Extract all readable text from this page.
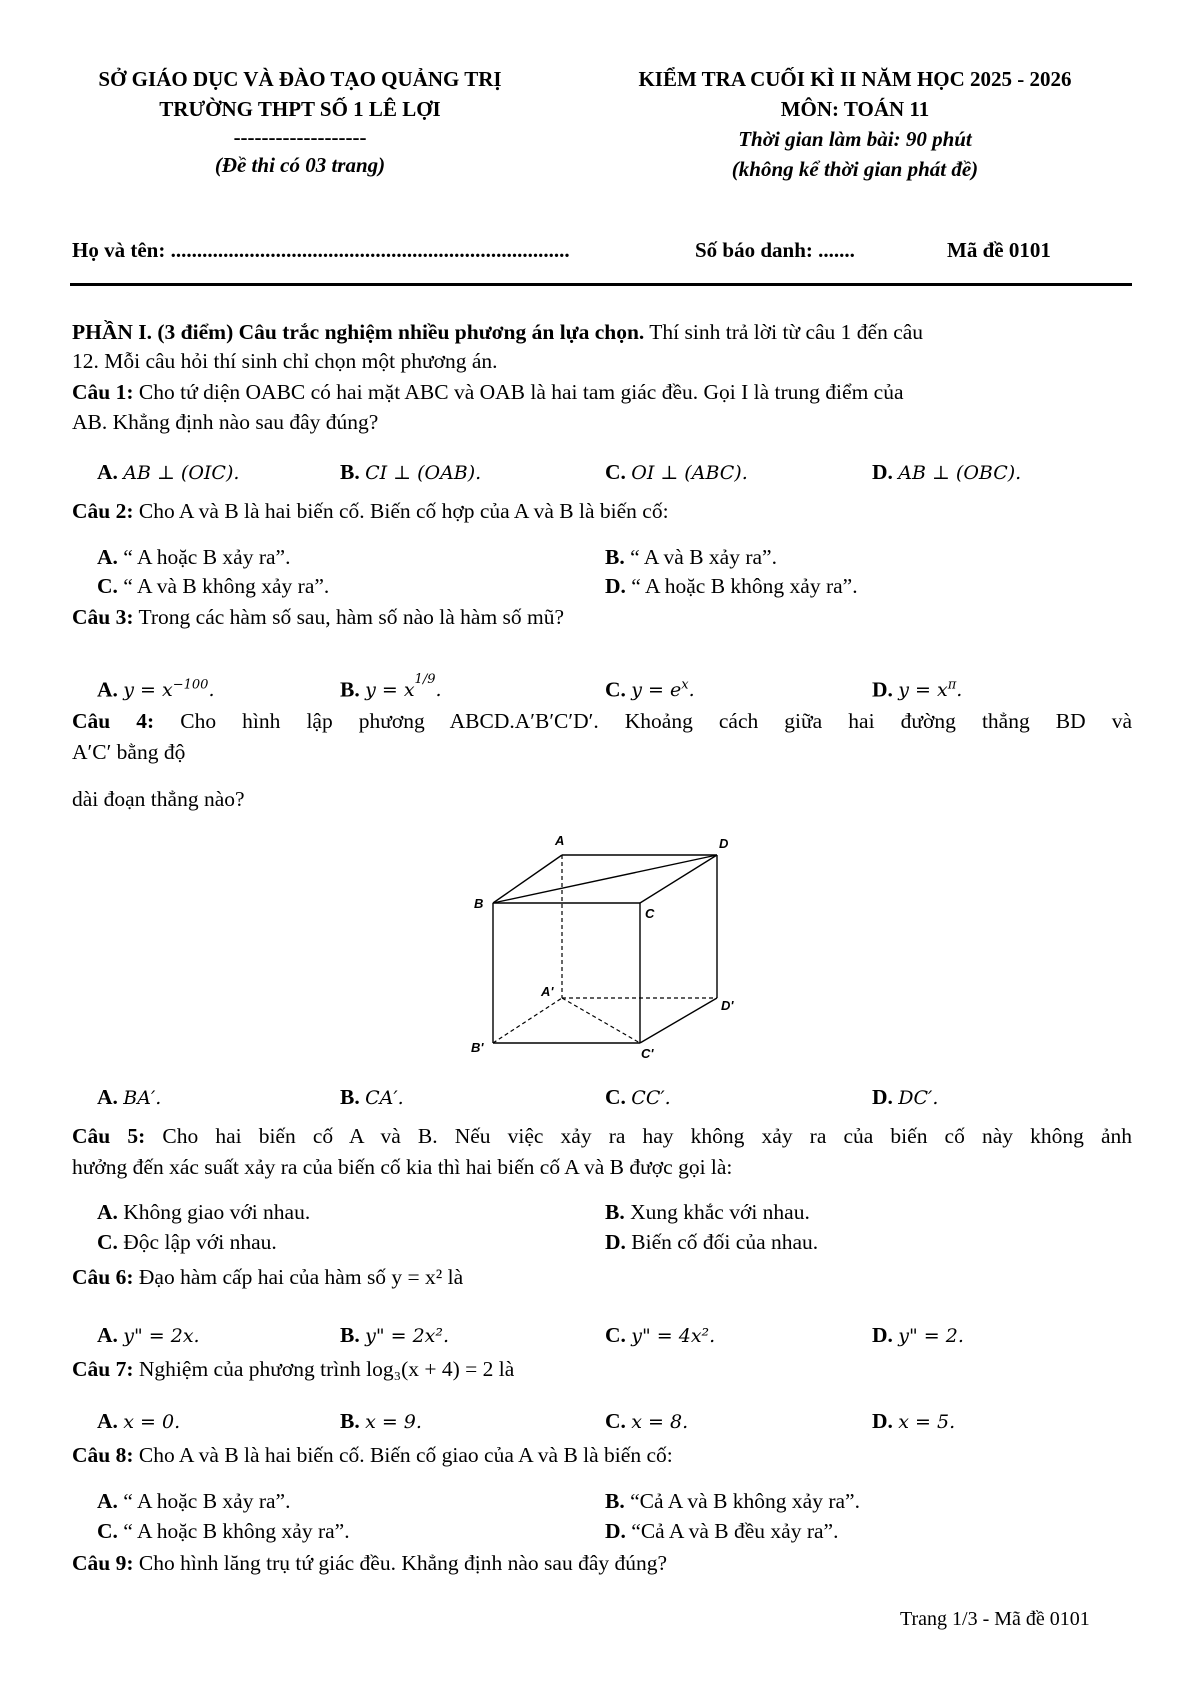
SỞ GIÁO DỤC VÀ ĐÀO TẠO QUẢNG TRỊ
TRƯỜNG THPT SỐ 1 LÊ LỢI
-------------------
(Đề thi có 03 trang)
KIỂM TRA CUỐI KÌ II NĂM HỌC 2025 - 2026
MÔN: TOÁN 11
Thời gian làm bài: 90 phút
(không kể thời gian phát đề)
Họ và tên: ............................................................................	Số báo danh: .......	Mã đề 0101
PHẦN I. (3 điểm) Câu trắc nghiệm nhiều phương án lựa chọn. Thí sinh trả lời từ câu 1 đến câu
12. Mỗi câu hỏi thí sinh chỉ chọn một phương án.
Câu 1: Cho tứ diện OABC có hai mặt ABC và OAB là hai tam giác đều. Gọi I là trung điểm của
AB. Khẳng định nào sau đây đúng?
A. AB ⊥ (OIC).	B. CI ⊥ (OAB).	C. OI ⊥ (ABC).	D. AB ⊥ (OBC).
Câu 2: Cho A và B là hai biến cố. Biến cố hợp của A và B là biến cố:
A. “ A hoặc B xảy ra”.	B. “ A và B xảy ra”.
C. “ A và B không xảy ra”.	D. “ A hoặc B không xảy ra”.
Câu 3: Trong các hàm số sau, hàm số nào là hàm số mũ?
A. $y = x^{-100}$.	B. $y = x^{1/9}$.	C. $y = e^x$.	D. $y = x^\pi$.
Câu 4: Cho hình lập phương ABCD.A′B′C′D′. Khoảng cách giữa hai đường thẳng BD và
A′C′ bằng độ
dài đoạn thẳng nào?
A	D
B
C
A'
D'
B'	C'
A. BA′.	B. CA′.	C. CC′.	D. DC′.
Câu 5: Cho hai biến cố A và B. Nếu việc xảy ra hay không xảy ra của biến cố này không ảnh
hưởng đến xác suất xảy ra của biến cố kia thì hai biến cố A và B được gọi là:
A. Không giao với nhau.	B. Xung khắc với nhau.
C. Độc lập với nhau.	D. Biến cố đối của nhau.
Câu 6: Đạo hàm cấp hai của hàm số y = x² là
A. y" = 2x.	B. y" = 2x².	C. y" = 4x².	D. y" = 2.
Câu 7: Nghiệm của phương trình log₃(x + 4) = 2 là
A. x = 0.	B. x = 9.	C. x = 8.	D. x = 5.
Câu 8: Cho A và B là hai biến cố. Biến cố giao của A và B là biến cố:
A. “ A hoặc B xảy ra”.	B. “Cả A và B không xảy ra”.
C. “ A hoặc B không xảy ra”.	D. “Cả A và B đều xảy ra”.
Câu 9: Cho hình lăng trụ tứ giác đều. Khẳng định nào sau đây đúng?
Trang 1/3 - Mã đề 0101
